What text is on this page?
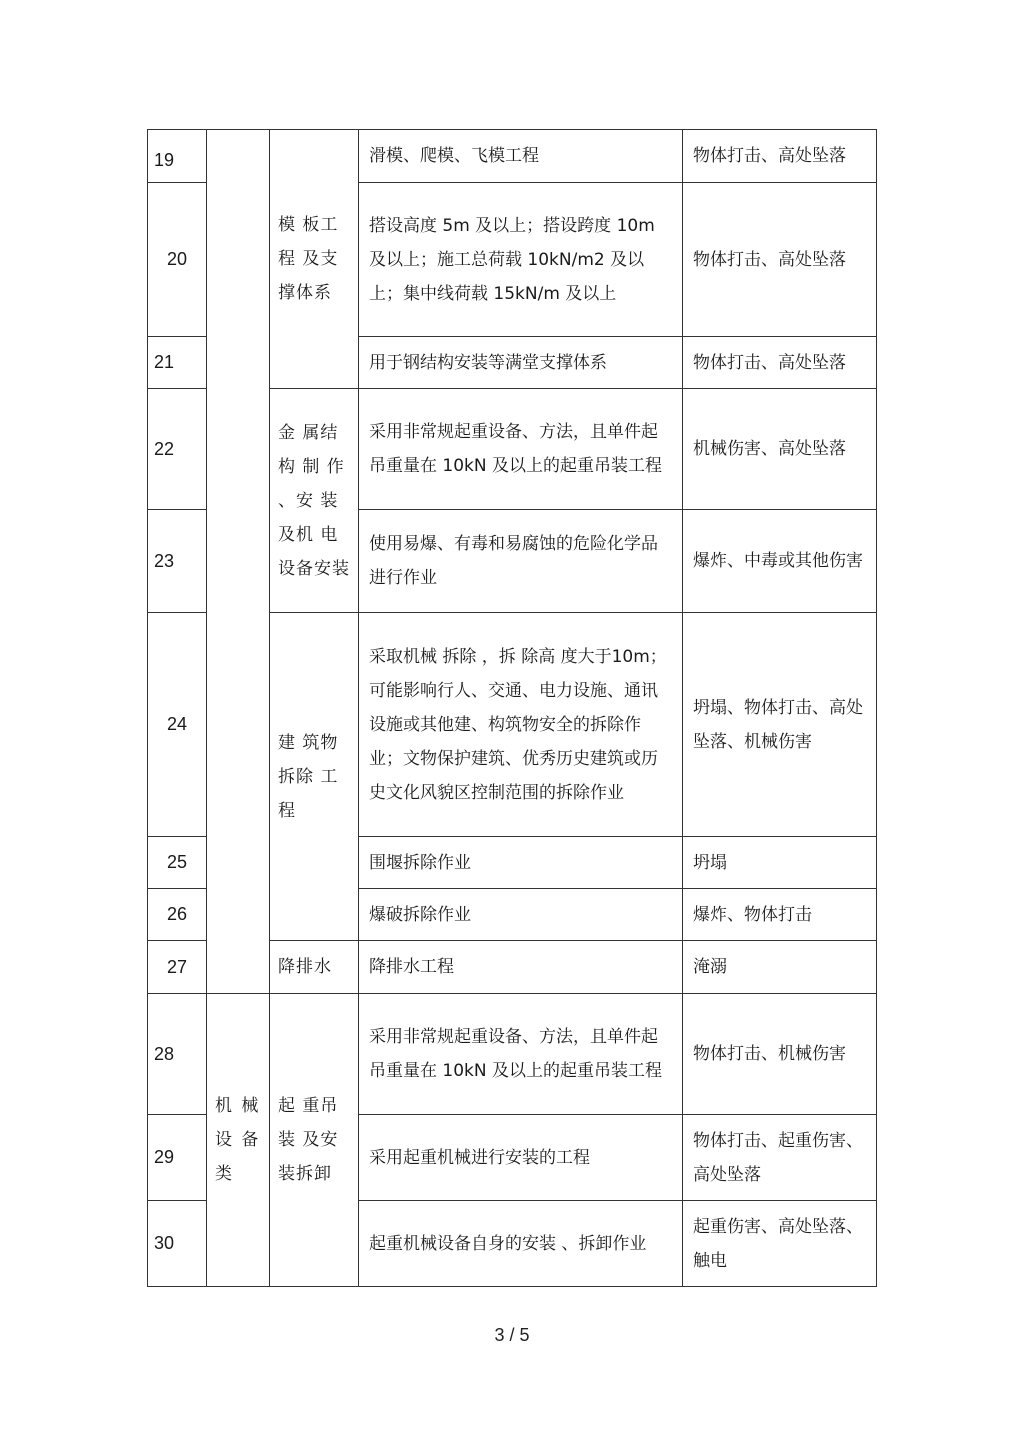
19		模 板工程 及支撑体系	滑模、爬模、飞模工程	物体打击、高处坠落
20			搭设高度 5m 及以上；搭设跨度 10m 及以上；施工总荷载 10kN/m2 及以上；集中线荷载 15kN/m 及以上	物体打击、高处坠落
21			用于钢结构安装等满堂支撑体系	物体打击、高处坠落
22		金 属结 构 制 作 、安 装 及机 电 设备安装	采用非常规起重设备、方法，且单件起吊重量在 10kN 及以上的起重吊装工程	机械伤害、高处坠落
23			使用易爆、有毒和易腐蚀的危险化学品进行作业	爆炸、中毒或其他伤害
24		建 筑物 拆除 工程	采取机械 拆除 ，拆 除高 度大于10m；可能影响行人、交通、电力设施、通讯设施或其他建、构筑物安全的拆除作业；文物保护建筑、优秀历史建筑或历史文化风貌区控制范围的拆除作业	坍塌、物体打击、高处坠落、机械伤害
25			围堰拆除作业	坍塌
26			爆破拆除作业	爆炸、物体打击
27		降排水	降排水工程	淹溺
28	机 械 设 备 类	起 重吊 装 及安 装拆卸	采用非常规起重设备、方法，且单件起吊重量在 10kN 及以上的起重吊装工程	物体打击、机械伤害
29			采用起重机械进行安装的工程	物体打击、起重伤害、高处坠落
30			起重机械设备自身的安装 、拆卸作业	起重伤害、高处坠落、触电
3 / 5
